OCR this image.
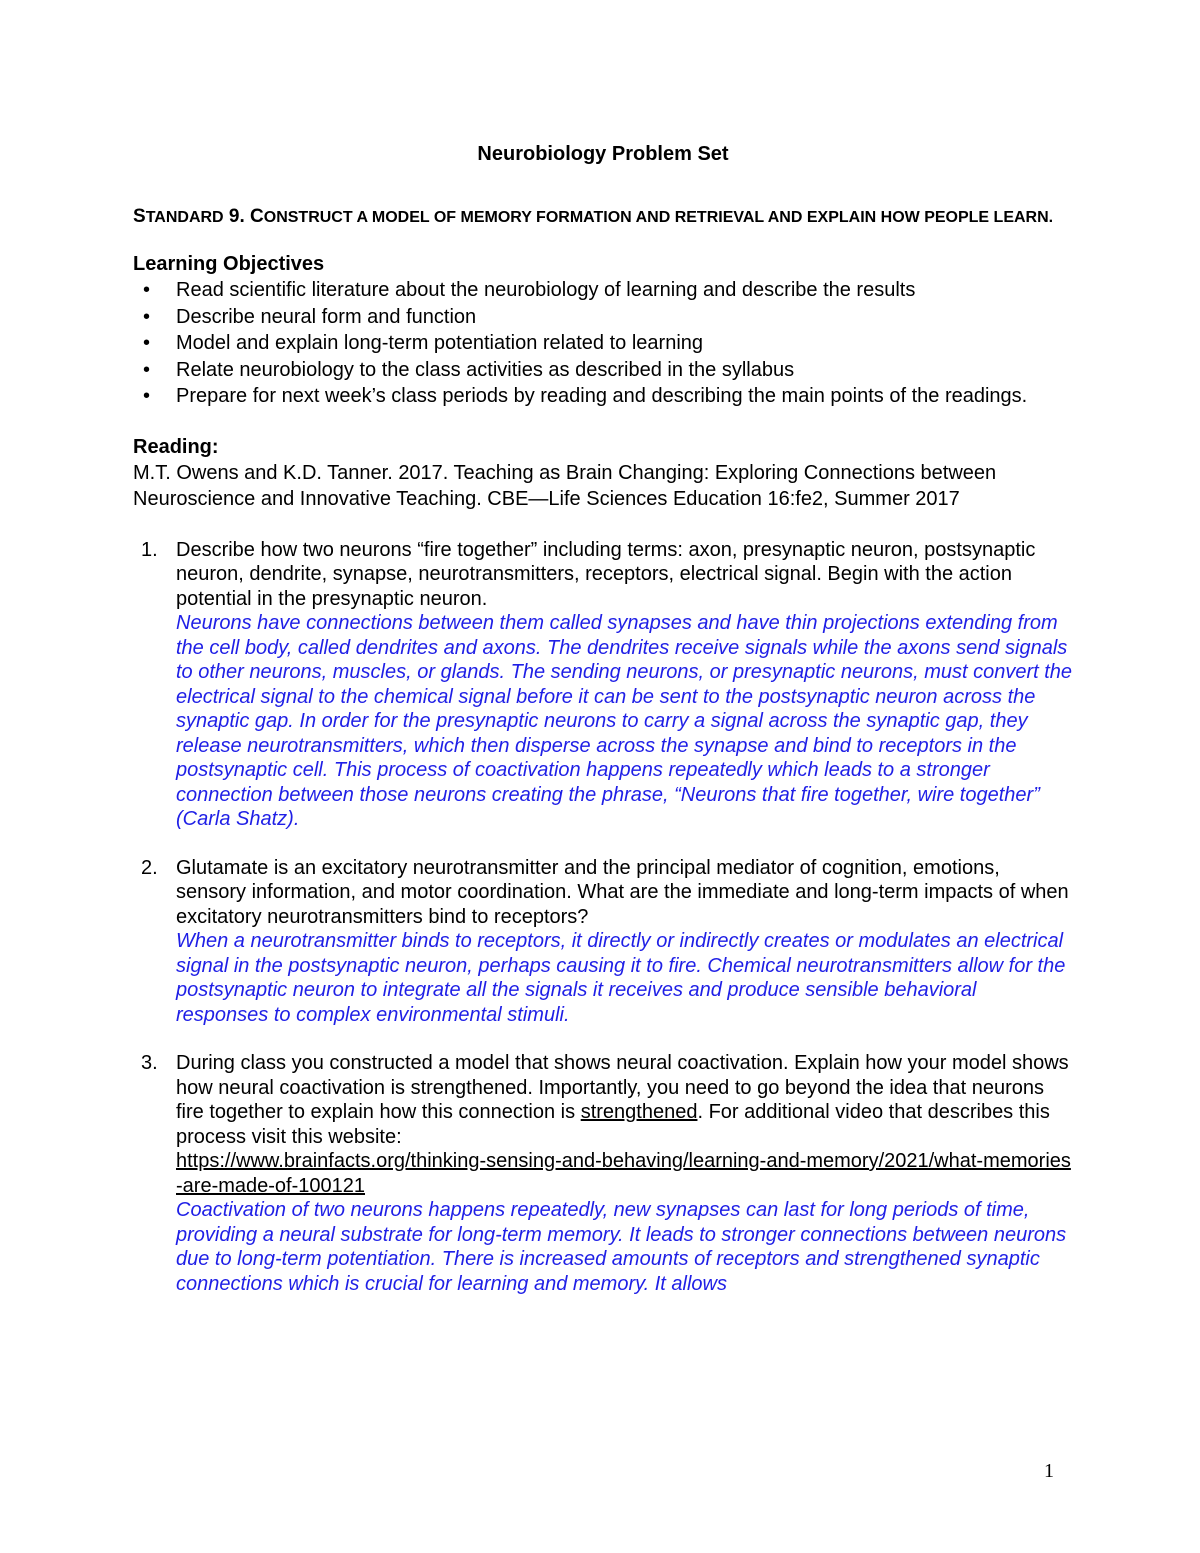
Neurobiology Problem Set

STANDARD 9. CONSTRUCT A MODEL OF MEMORY FORMATION AND RETRIEVAL AND EXPLAIN HOW PEOPLE LEARN.

Learning Objectives
• Read scientific literature about the neurobiology of learning and describe the results
• Describe neural form and function
• Model and explain long-term potentiation related to learning
• Relate neurobiology to the class activities as described in the syllabus
• Prepare for next week’s class periods by reading and describing the main points of the readings.
Reading:

M.T. Owens and K.D. Tanner. 2017. Teaching as Brain Changing: Exploring Connections between Neuroscience and Innovative Teaching. CBE—Life Sciences Education 16:fe2, Summer 2017

1. Describe how two neurons “fire together” including terms: axon, presynaptic neuron, postsynaptic neuron, dendrite, synapse, neurotransmitters, receptors, electrical signal. Begin with the action potential in the presynaptic neuron.
Neurons have connections between them called synapses and have thin projections extending from the cell body, called dendrites and axons. The dendrites receive signals while the axons send signals to other neurons, muscles, or glands. The sending neurons, or presynaptic neurons, must convert the electrical signal to the chemical signal before it can be sent to the postsynaptic neuron across the synaptic gap. In order for the presynaptic neurons to carry a signal across the synaptic gap, they release neurotransmitters, which then disperse across the synapse and bind to receptors in the postsynaptic cell. This process of coactivation happens repeatedly which leads to a stronger connection between those neurons creating the phrase, “Neurons that fire together, wire together” (Carla Shatz).
2. Glutamate is an excitatory neurotransmitter and the principal mediator of cognition, emotions, sensory information, and motor coordination. What are the immediate and long-term impacts of when excitatory neurotransmitters bind to receptors?
When a neurotransmitter binds to receptors, it directly or indirectly creates or modulates an electrical signal in the postsynaptic neuron, perhaps causing it to fire. Chemical neurotransmitters allow for the postsynaptic neuron to integrate all the signals it receives and produce sensible behavioral responses to complex environmental stimuli.
3. During class you constructed a model that shows neural coactivation. Explain how your model shows how neural coactivation is strengthened. Importantly, you need to go beyond the idea that neurons fire together to explain how this connection is strengthened. For additional video that describes this process visit this website:
https://www.brainfacts.org/thinking-sensing-and-behaving/learning-and-memory/2021/what-memories-are-made-of-100121
Coactivation of two neurons happens repeatedly, new synapses can last for long periods of time, providing a neural substrate for long-term memory. It leads to stronger connections between neurons due to long-term potentiation. There is increased amounts of receptors and strengthened synaptic connections which is crucial for learning and memory. It allows
1
